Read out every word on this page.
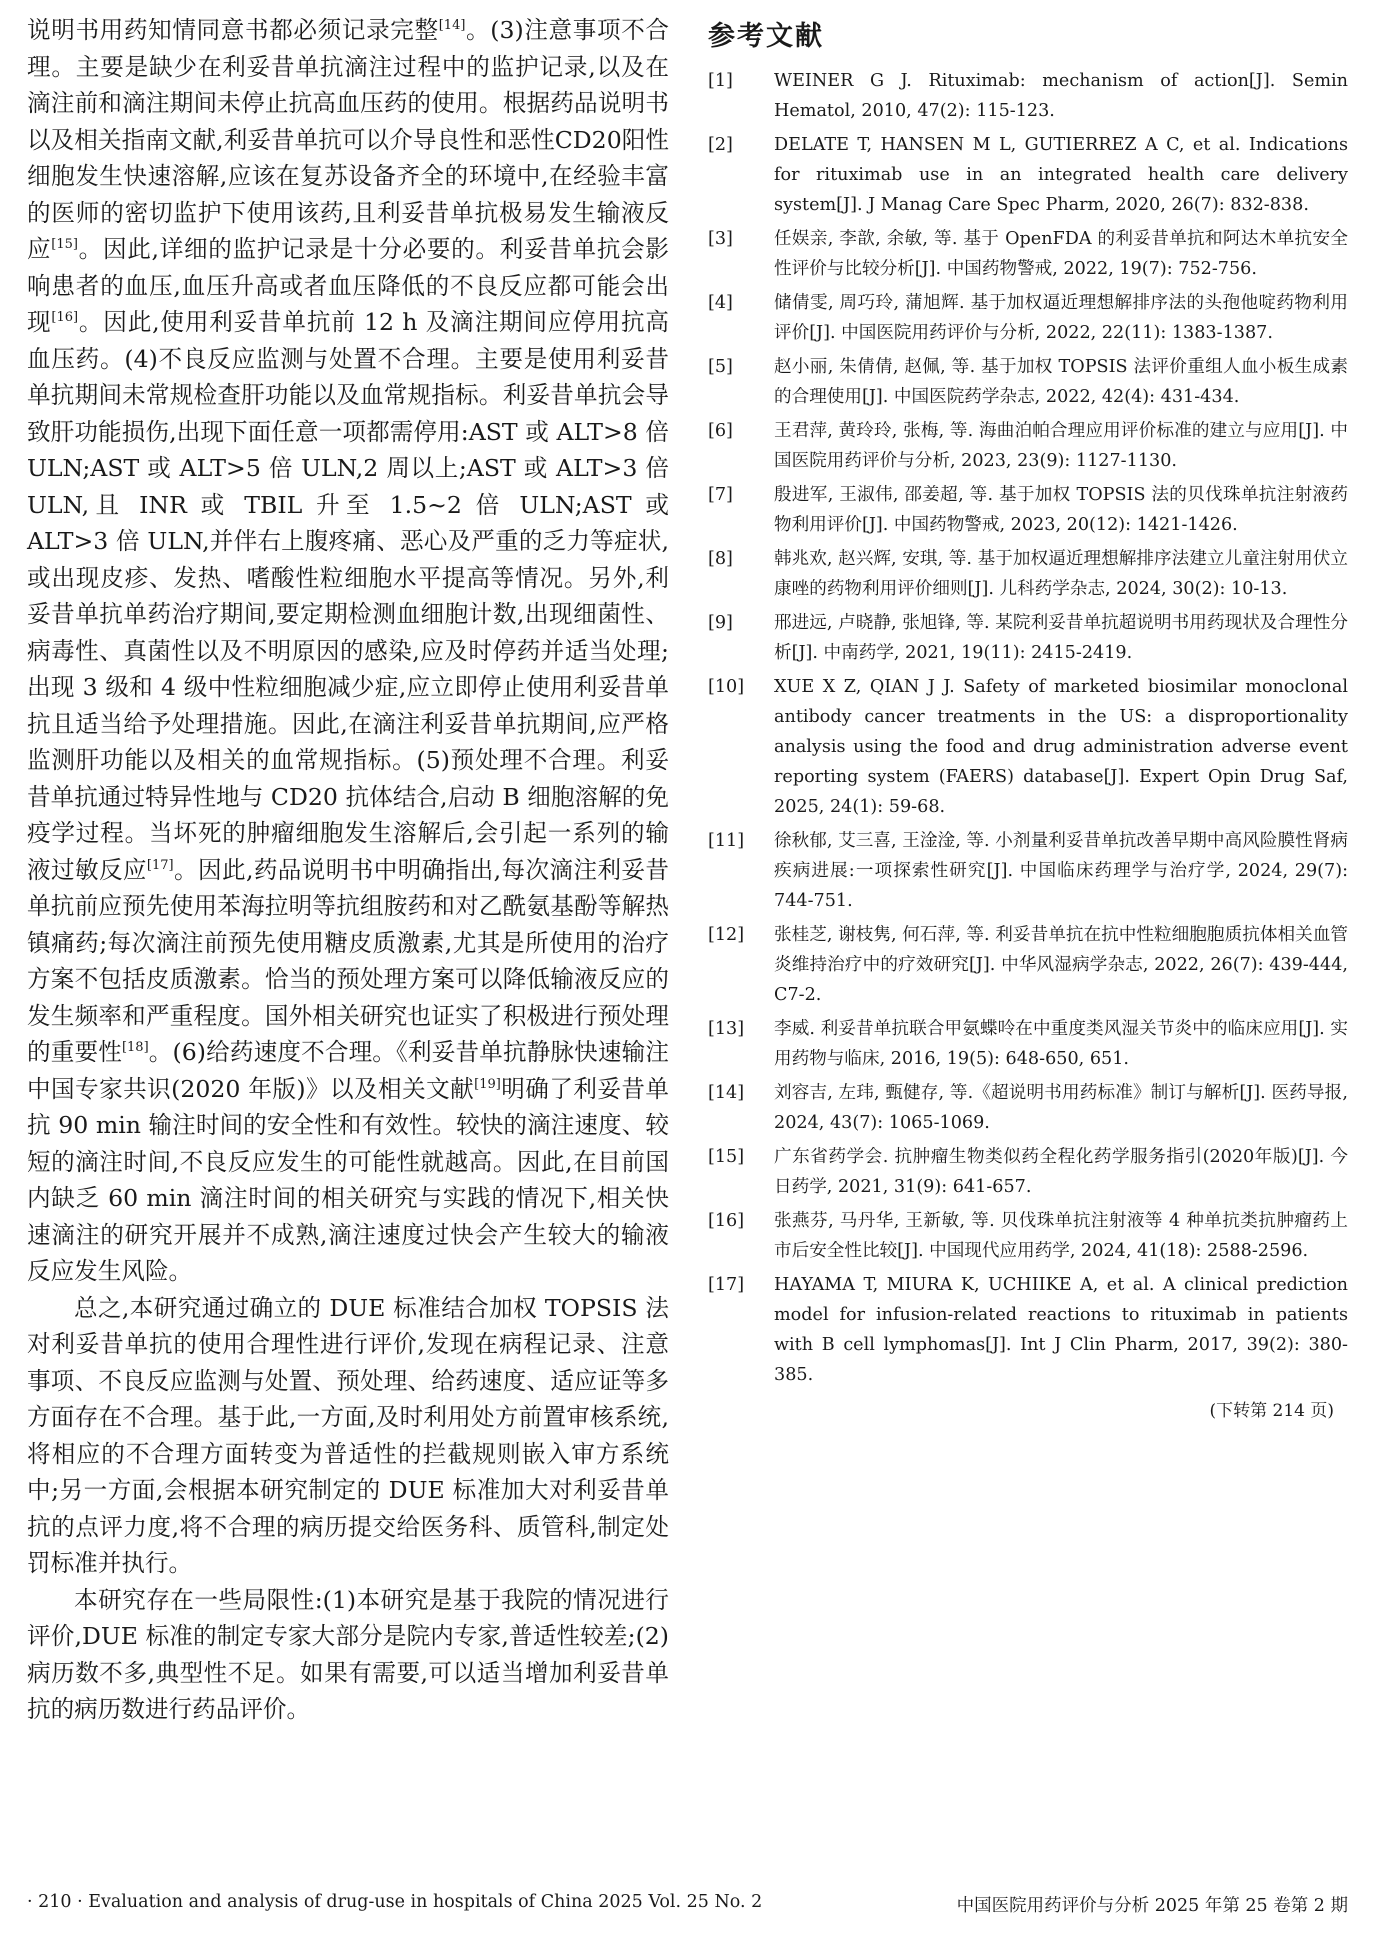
说明书用药知情同意书都必须记录完整[14]。(3)注意事项不合理。主要是缺少在利妥昔单抗滴注过程中的监护记录,以及在滴注前和滴注期间未停止抗高血压药的使用。根据药品说明书以及相关指南文献,利妥昔单抗可以介导良性和恶性CD20阳性细胞发生快速溶解,应该在复苏设备齐全的环境中,在经验丰富的医师的密切监护下使用该药,且利妥昔单抗极易发生输液反应[15]。因此,详细的监护记录是十分必要的。利妥昔单抗会影响患者的血压,血压升高或者血压降低的不良反应都可能会出现[16]。因此,使用利妥昔单抗前 12 h 及滴注期间应停用抗高血压药。(4)不良反应监测与处置不合理。主要是使用利妥昔单抗期间未常规检查肝功能以及血常规指标。利妥昔单抗会导致肝功能损伤,出现下面任意一项都需停用:AST 或 ALT>8 倍 ULN;AST 或 ALT>5 倍 ULN,2 周以上;AST 或 ALT>3 倍 ULN,且 INR 或 TBIL 升至 1.5~2 倍 ULN;AST 或 ALT>3 倍 ULN,并伴右上腹疼痛、恶心及严重的乏力等症状,或出现皮疹、发热、嗜酸性粒细胞水平提高等情况。另外,利妥昔单抗单药治疗期间,要定期检测血细胞计数,出现细菌性、病毒性、真菌性以及不明原因的感染,应及时停药并适当处理;出现 3 级和 4 级中性粒细胞减少症,应立即停止使用利妥昔单抗且适当给予处理措施。因此,在滴注利妥昔单抗期间,应严格监测肝功能以及相关的血常规指标。(5)预处理不合理。利妥昔单抗通过特异性地与 CD20 抗体结合,启动 B 细胞溶解的免疫学过程。当坏死的肿瘤细胞发生溶解后,会引起一系列的输液过敏反应[17]。因此,药品说明书中明确指出,每次滴注利妥昔单抗前应预先使用苯海拉明等抗组胺药和对乙酰氨基酚等解热镇痛药;每次滴注前预先使用糖皮质激素,尤其是所使用的治疗方案不包括皮质激素。恰当的预处理方案可以降低输液反应的发生频率和严重程度。国外相关研究也证实了积极进行预处理的重要性[18]。(6)给药速度不合理。《利妥昔单抗静脉快速输注中国专家共识(2020 年版)》以及相关文献[19]明确了利妥昔单抗 90 min 输注时间的安全性和有效性。较快的滴注速度、较短的滴注时间,不良反应发生的可能性就越高。因此,在目前国内缺乏 60 min 滴注时间的相关研究与实践的情况下,相关快速滴注的研究开展并不成熟,滴注速度过快会产生较大的输液反应发生风险。

总之,本研究通过确立的 DUE 标准结合加权 TOPSIS 法对利妥昔单抗的使用合理性进行评价,发现在病程记录、注意事项、不良反应监测与处置、预处理、给药速度、适应证等多方面存在不合理。基于此,一方面,及时利用处方前置审核系统,将相应的不合理方面转变为普适性的拦截规则嵌入审方系统中;另一方面,会根据本研究制定的 DUE 标准加大对利妥昔单抗的点评力度,将不合理的病历提交给医务科、质管科,制定处罚标准并执行。

本研究存在一些局限性:(1)本研究是基于我院的情况进行评价,DUE 标准的制定专家大部分是院内专家,普适性较差;(2)病历数不多,典型性不足。如果有需要,可以适当增加利妥昔单抗的病历数进行药品评价。

参考文献
[1]	WEINER G J. Rituximab: mechanism of action[J]. Semin Hematol, 2010, 47(2): 115-123.
[2]	DELATE T, HANSEN M L, GUTIERREZ A C, et al. Indications for rituximab use in an integrated health care delivery system[J]. J Manag Care Spec Pharm, 2020, 26(7): 832-838.
[3]	任娱亲, 李歆, 余敏, 等. 基于 OpenFDA 的利妥昔单抗和阿达木单抗安全性评价与比较分析[J]. 中国药物警戒, 2022, 19(7): 752-756.
[4]	储倩雯, 周巧玲, 蒲旭辉. 基于加权逼近理想解排序法的头孢他啶药物利用评价[J]. 中国医院用药评价与分析, 2022, 22(11): 1383-1387.
[5]	赵小丽, 朱倩倩, 赵佩, 等. 基于加权 TOPSIS 法评价重组人血小板生成素的合理使用[J]. 中国医院药学杂志, 2022, 42(4): 431-434.
[6]	王君萍, 黄玲玲, 张梅, 等. 海曲泊帕合理应用评价标准的建立与应用[J]. 中国医院用药评价与分析, 2023, 23(9): 1127-1130.
[7]	殷进军, 王淑伟, 邵姜超, 等. 基于加权 TOPSIS 法的贝伐珠单抗注射液药物利用评价[J]. 中国药物警戒, 2023, 20(12): 1421-1426.
[8]	韩兆欢, 赵兴辉, 安琪, 等. 基于加权逼近理想解排序法建立儿童注射用伏立康唑的药物利用评价细则[J]. 儿科药学杂志, 2024, 30(2): 10-13.
[9]	邢进远, 卢晓静, 张旭锋, 等. 某院利妥昔单抗超说明书用药现状及合理性分析[J]. 中南药学, 2021, 19(11): 2415-2419.
[10]	XUE X Z, QIAN J J. Safety of marketed biosimilar monoclonal antibody cancer treatments in the US: a disproportionality analysis using the food and drug administration adverse event reporting system (FAERS) database[J]. Expert Opin Drug Saf, 2025, 24(1): 59-68.
[11]	徐秋郁, 艾三喜, 王淦淦, 等. 小剂量利妥昔单抗改善早期中高风险膜性肾病疾病进展:一项探索性研究[J]. 中国临床药理学与治疗学, 2024, 29(7): 744-751.
[12]	张桂芝, 谢枝隽, 何石萍, 等. 利妥昔单抗在抗中性粒细胞胞质抗体相关血管炎维持治疗中的疗效研究[J]. 中华风湿病学杂志, 2022, 26(7): 439-444, C7-2.
[13]	李威. 利妥昔单抗联合甲氨蝶呤在中重度类风湿关节炎中的临床应用[J]. 实用药物与临床, 2016, 19(5): 648-650, 651.
[14]	刘容吉, 左玮, 甄健存, 等.《超说明书用药标准》制订与解析[J]. 医药导报, 2024, 43(7): 1065-1069.
[15]	广东省药学会. 抗肿瘤生物类似药全程化药学服务指引(2020年版)[J]. 今日药学, 2021, 31(9): 641-657.
[16]	张燕芬, 马丹华, 王新敏, 等. 贝伐珠单抗注射液等 4 种单抗类抗肿瘤药上市后安全性比较[J]. 中国现代应用药学, 2024, 41(18): 2588-2596.
[17]	HAYAMA T, MIURA K, UCHIIKE A, et al. A clinical prediction model for infusion-related reactions to rituximab in patients with B cell lymphomas[J]. Int J Clin Pharm, 2017, 39(2): 380-385.

(下转第 214 页)

· 210 · Evaluation and analysis of drug-use in hospitals of China 2025 Vol. 25 No. 2	中国医院用药评价与分析 2025 年第 25 卷第 2 期
